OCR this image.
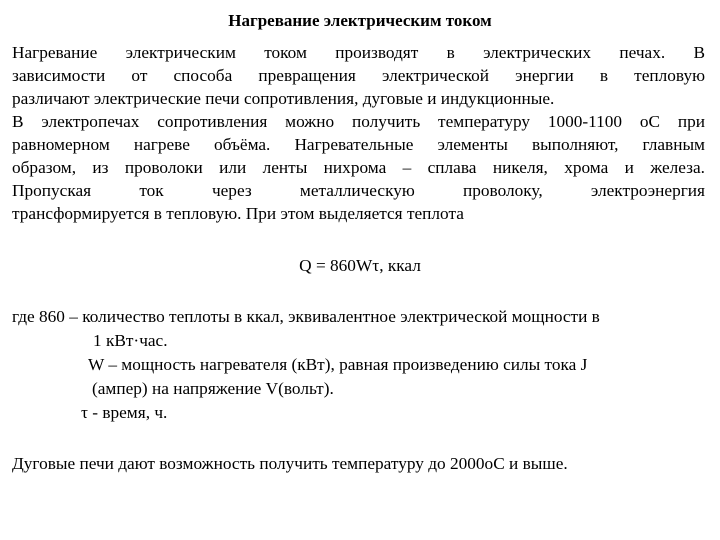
Нагревание электрическим током
Нагревание электрическим током производят в электрических печах. В
зависимости от способа превращения электрической энергии в тепловую
различают электрические печи сопротивления, дуговые и индукционные.
В электропечах сопротивления можно получить температуру 1000-1100 oC при
равномерном нагреве объёма. Нагревательные элементы выполняют, главным
образом, из проволоки или ленты нихрома – сплава никеля, хрома и железа.
Пропуская ток через металлическую проволоку, электроэнергия
трансформируется в тепловую. При этом выделяется теплота
Q = 860Wτ, ккал
где 860 – количество теплоты в ккал, эквивалентное электрической мощности в
1 кВт·час.
W – мощность нагревателя (кВт), равная произведению силы тока J
(ампер) на напряжение V(вольт).
τ - время, ч.
Дуговые печи дают возможность получить температуру до 2000oC и выше.
